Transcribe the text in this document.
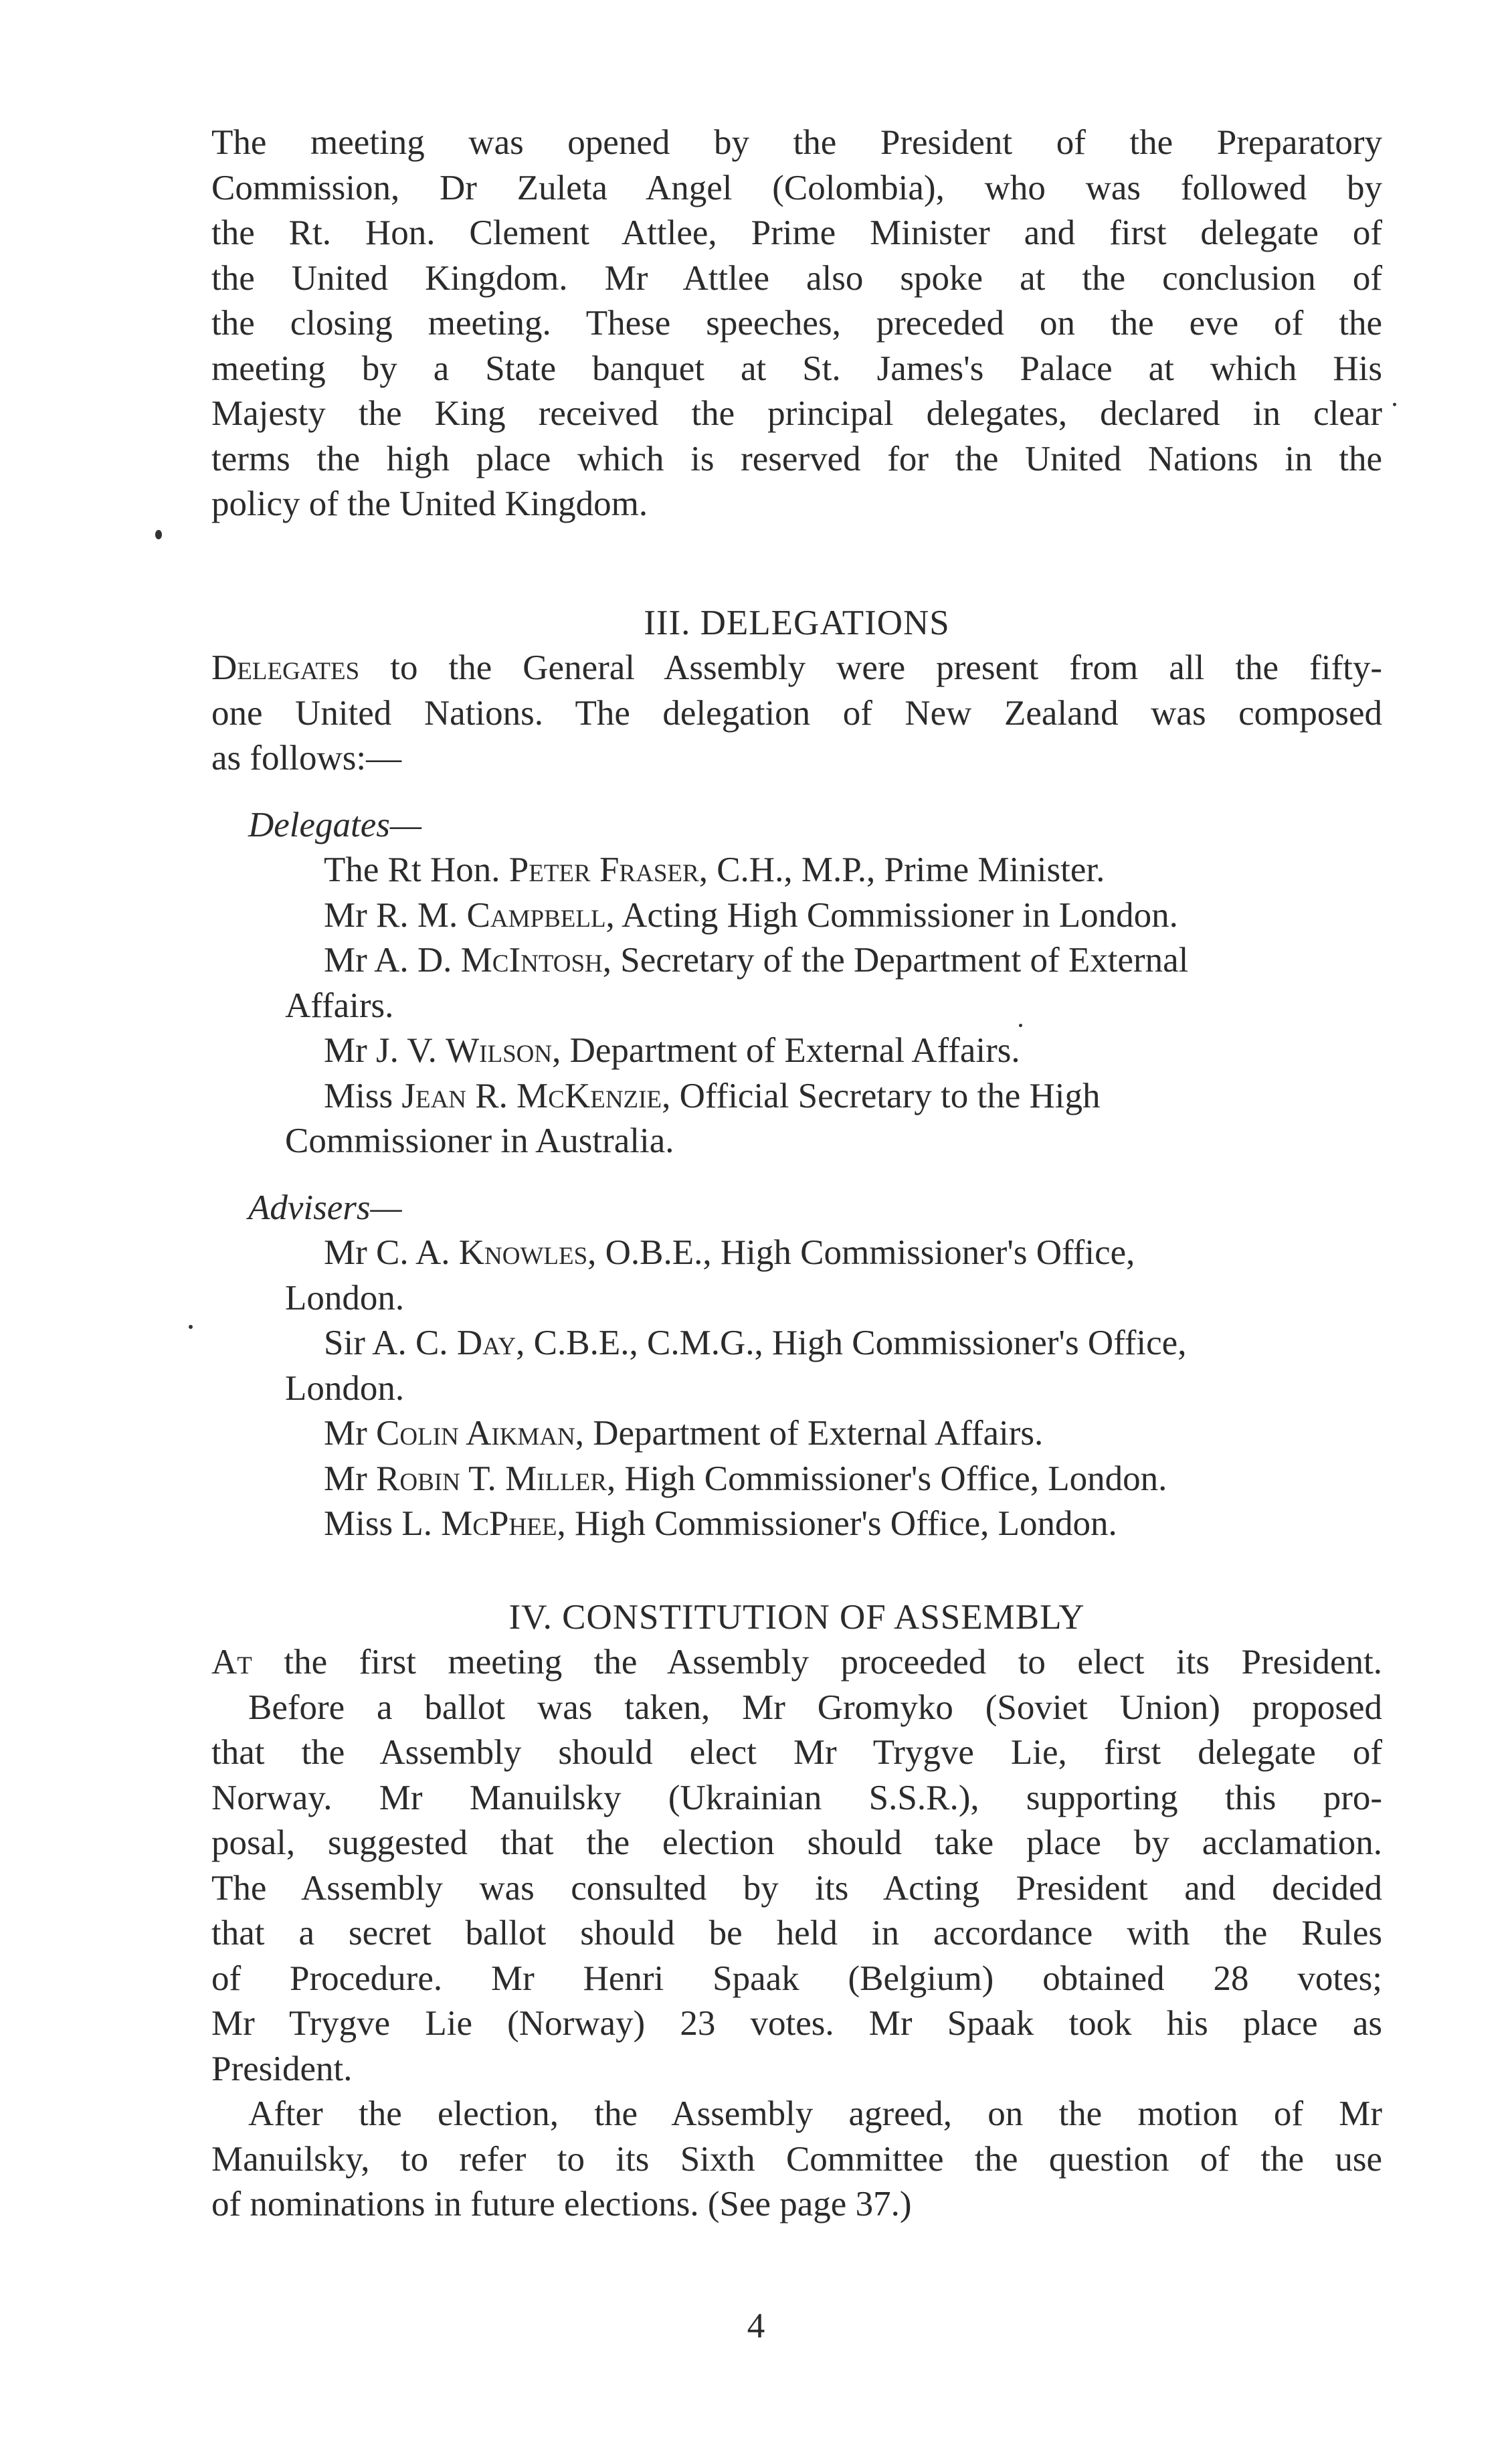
The meeting was opened by the President of the Preparatory
Commission, Dr Zuleta Angel (Colombia), who was followed by
the Rt. Hon. Clement Attlee, Prime Minister and first delegate of
the United Kingdom. Mr Attlee also spoke at the conclusion of
the closing meeting. These speeches, preceded on the eve of the
meeting by a State banquet at St. James's Palace at which His
Majesty the King received the principal delegates, declared in clear
terms the high place which is reserved for the United Nations in the
policy of the United Kingdom.
III. DELEGATIONS
Delegates to the General Assembly were present from all the fifty-
one United Nations. The delegation of New Zealand was composed
as follows:—
Delegates—
The Rt Hon. Peter Fraser, C.H., M.P., Prime Minister.
Mr R. M. Campbell, Acting High Commissioner in London.
Mr A. D. McIntosh, Secretary of the Department of External
Affairs.
Mr J. V. Wilson, Department of External Affairs.
Miss Jean R. McKenzie, Official Secretary to the High
Commissioner in Australia.
Advisers—
Mr C. A. Knowles, O.B.E., High Commissioner's Office,
London.
Sir A. C. Day, C.B.E., C.M.G., High Commissioner's Office,
London.
Mr Colin Aikman, Department of External Affairs.
Mr Robin T. Miller, High Commissioner's Office, London.
Miss L. McPhee, High Commissioner's Office, London.
IV. CONSTITUTION OF ASSEMBLY
At the first meeting the Assembly proceeded to elect its President.
Before a ballot was taken, Mr Gromyko (Soviet Union) proposed
that the Assembly should elect Mr Trygve Lie, first delegate of
Norway. Mr Manuilsky (Ukrainian S.S.R.), supporting this pro-
posal, suggested that the election should take place by acclamation.
The Assembly was consulted by its Acting President and decided
that a secret ballot should be held in accordance with the Rules
of Procedure. Mr Henri Spaak (Belgium) obtained 28 votes;
Mr Trygve Lie (Norway) 23 votes. Mr Spaak took his place as
President.
After the election, the Assembly agreed, on the motion of Mr
Manuilsky, to refer to its Sixth Committee the question of the use
of nominations in future elections. (See page 37.)
4
